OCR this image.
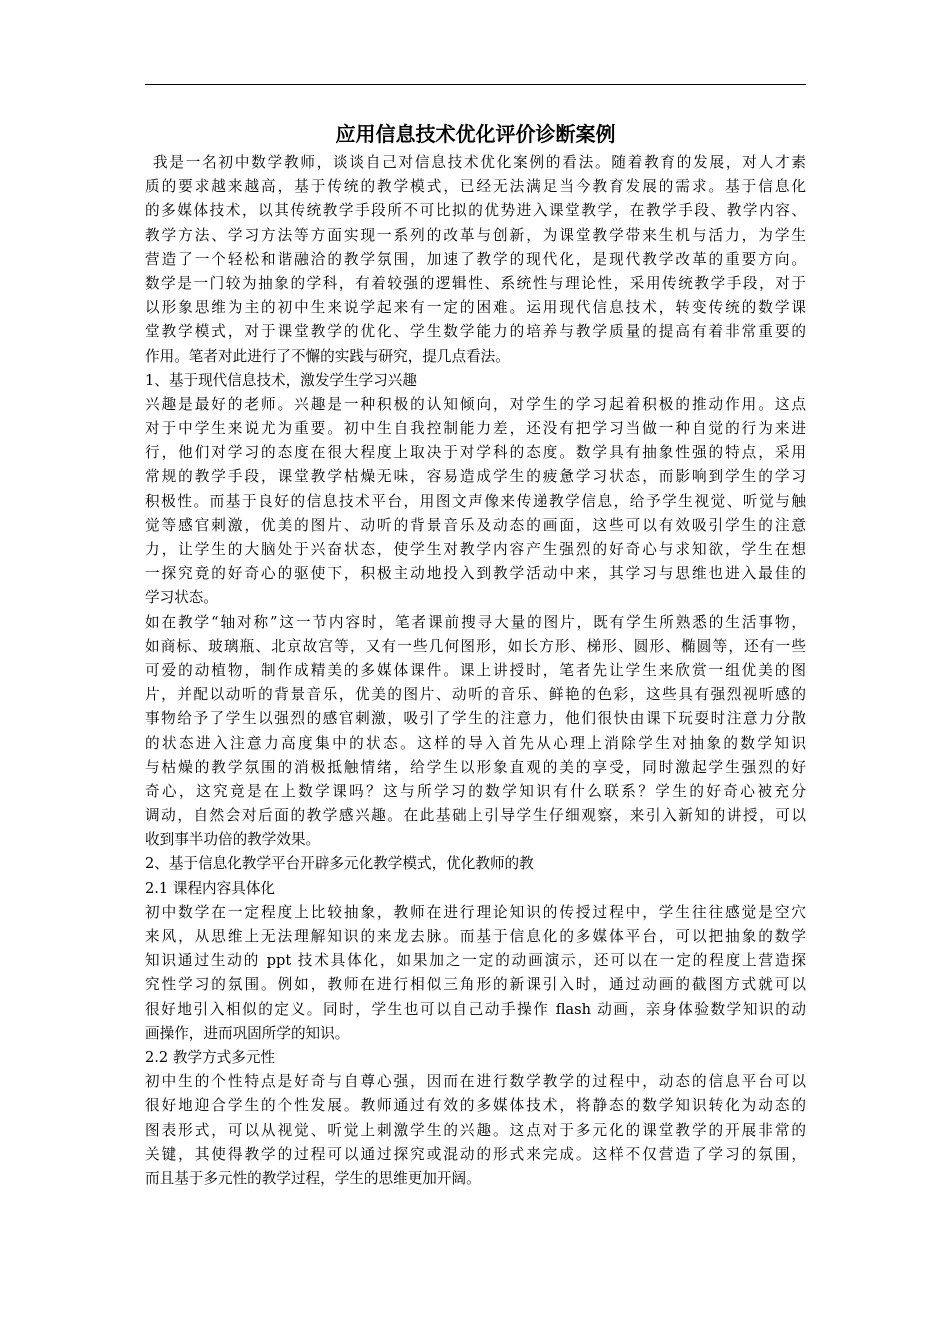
应用信息技术优化评价诊断案例
我是一名初中数学教师，谈谈自己对信息技术优化案例的看法。随着教育的发展，对人才素
质的要求越来越高，基于传统的教学模式，已经无法满足当今教育发展的需求。基于信息化
的多媒体技术，以其传统教学手段所不可比拟的优势进入课堂教学，在教学手段、教学内容、
教学方法、学习方法等方面实现一系列的改革与创新，为课堂教学带来生机与活力，为学生
营造了一个轻松和谐融洽的教学氛围，加速了教学的现代化，是现代教学改革的重要方向。
数学是一门较为抽象的学科，有着较强的逻辑性、系统性与理论性，采用传统教学手段，对于
以形象思维为主的初中生来说学起来有一定的困难。运用现代信息技术，转变传统的数学课
堂教学模式，对于课堂教学的优化、学生数学能力的培养与教学质量的提高有着非常重要的
作用。笔者对此进行了不懈的实践与研究，提几点看法。
1、基于现代信息技术，激发学生学习兴趣
兴趣是最好的老师。兴趣是一种积极的认知倾向，对学生的学习起着积极的推动作用。这点
对于中学生来说尤为重要。初中生自我控制能力差，还没有把学习当做一种自觉的行为来进
行，他们对学习的态度在很大程度上取决于对学科的态度。数学具有抽象性强的特点，采用
常规的教学手段，课堂教学枯燥无味，容易造成学生的疲惫学习状态，而影响到学生的学习
积极性。而基于良好的信息技术平台，用图文声像来传递教学信息，给予学生视觉、听觉与触
觉等感官刺激，优美的图片、动听的背景音乐及动态的画面，这些可以有效吸引学生的注意
力，让学生的大脑处于兴奋状态，使学生对教学内容产生强烈的好奇心与求知欲，学生在想
一探究竟的好奇心的驱使下，积极主动地投入到教学活动中来，其学习与思维也进入最佳的
学习状态。
如在教学“轴对称”这一节内容时，笔者课前搜寻大量的图片，既有学生所熟悉的生活事物，
如商标、玻璃瓶、北京故宫等，又有一些几何图形，如长方形、梯形、圆形、椭圆等，还有一些
可爱的动植物，制作成精美的多媒体课件。课上讲授时，笔者先让学生来欣赏一组优美的图
片，并配以动听的背景音乐，优美的图片、动听的音乐、鲜艳的色彩，这些具有强烈视听感的
事物给予了学生以强烈的感官刺激，吸引了学生的注意力，他们很快由课下玩耍时注意力分散
的状态进入注意力高度集中的状态。这样的导入首先从心理上消除学生对抽象的数学知识
与枯燥的教学氛围的消极抵触情绪，给学生以形象直观的美的享受，同时激起学生强烈的好
奇心，这究竟是在上数学课吗？这与所学习的数学知识有什么联系？学生的好奇心被充分
调动，自然会对后面的教学感兴趣。在此基础上引导学生仔细观察，来引入新知的讲授，可以
收到事半功倍的教学效果。
2、基于信息化教学平台开辟多元化教学模式，优化教师的教
2.1 课程内容具体化
初中数学在一定程度上比较抽象，教师在进行理论知识的传授过程中，学生往往感觉是空穴
来风，从思维上无法理解知识的来龙去脉。而基于信息化的多媒体平台，可以把抽象的数学
知识通过生动的 ppt 技术具体化，如果加之一定的动画演示，还可以在一定的程度上营造探
究性学习的氛围。例如，教师在进行相似三角形的新课引入时，通过动画的截图方式就可以
很好地引入相似的定义。同时，学生也可以自己动手操作 flash 动画，亲身体验数学知识的动
画操作，进而巩固所学的知识。
2.2 教学方式多元性
初中生的个性特点是好奇与自尊心强，因而在进行数学教学的过程中，动态的信息平台可以
很好地迎合学生的个性发展。教师通过有效的多媒体技术，将静态的数学知识转化为动态的
图表形式，可以从视觉、听觉上刺激学生的兴趣。这点对于多元化的课堂教学的开展非常的
关键，其使得教学的过程可以通过探究或混动的形式来完成。这样不仅营造了学习的氛围，
而且基于多元性的教学过程，学生的思维更加开阔。
